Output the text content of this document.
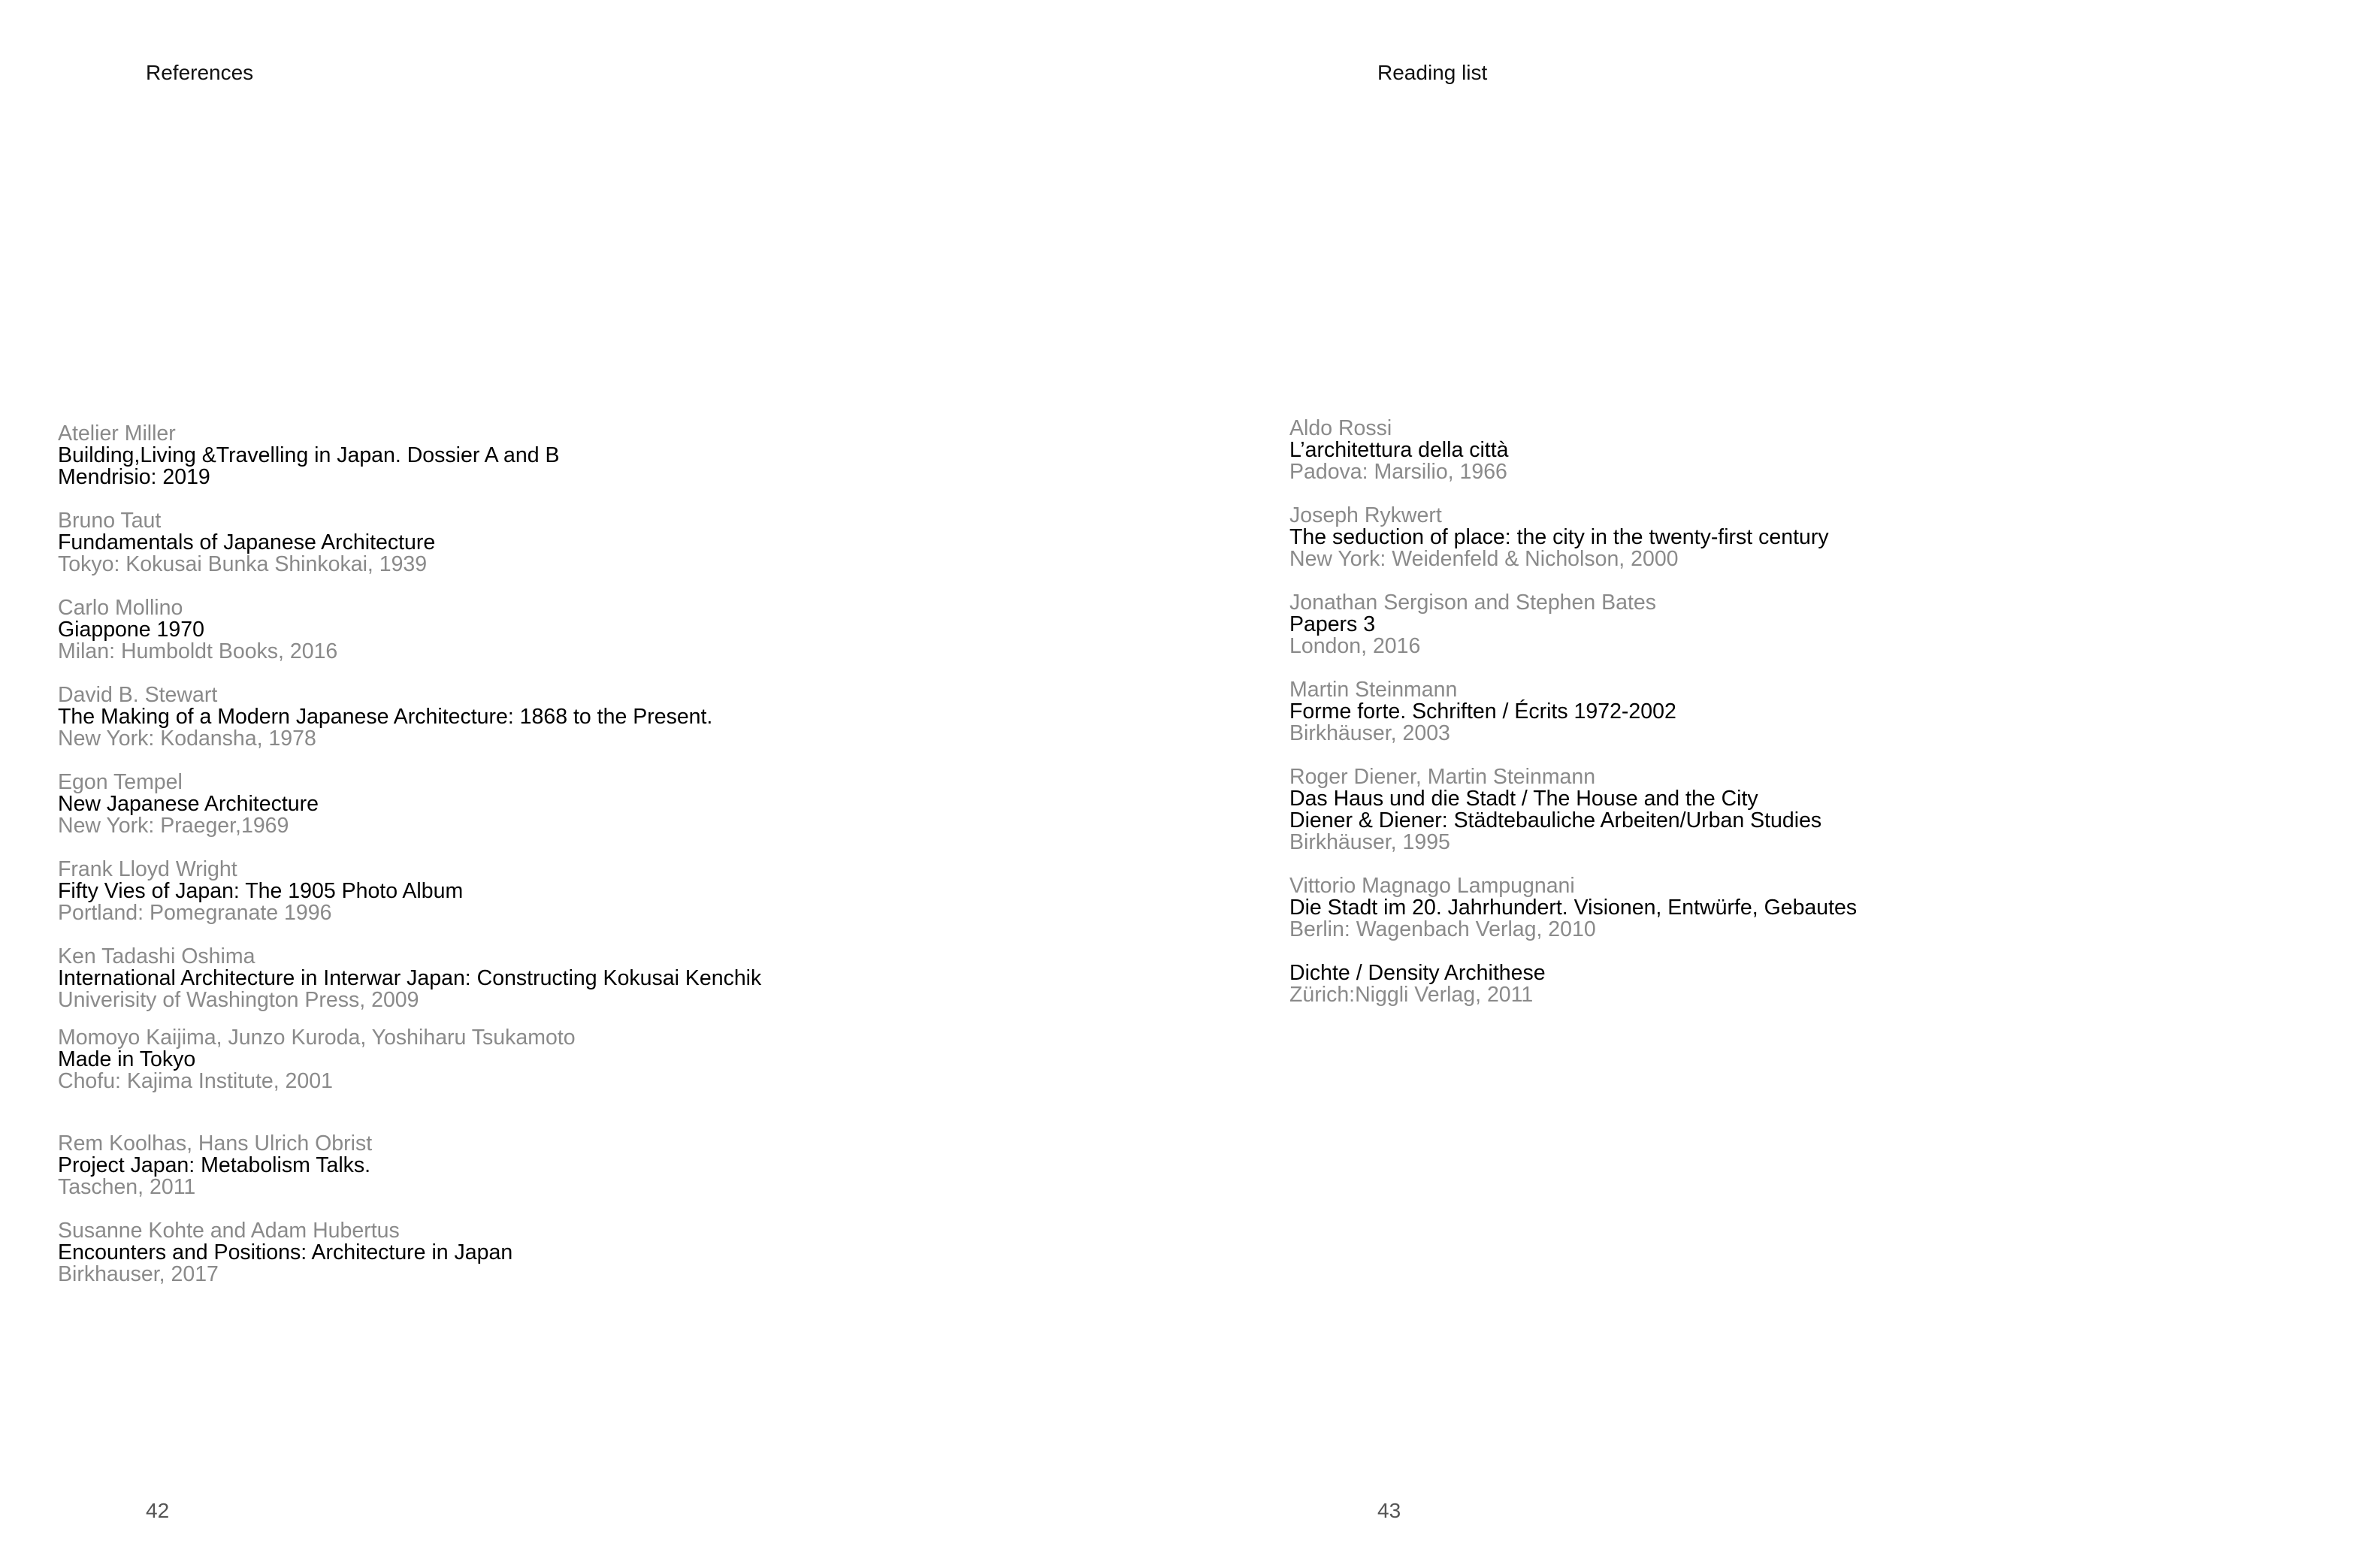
References
Atelier Miller
Building,Living &Travelling in Japan. Dossier A and B
Mendrisio: 2019
Bruno Taut
Fundamentals of Japanese Architecture
Tokyo: Kokusai Bunka Shinkokai, 1939
Carlo Mollino
Giappone 1970
Milan: Humboldt Books, 2016
David B. Stewart
The Making of a Modern Japanese Architecture: 1868 to the Present.
New York: Kodansha, 1978
Egon Tempel
New Japanese Architecture
New York: Praeger,1969
Frank Lloyd Wright
Fifty Vies of Japan: The 1905 Photo Album
Portland: Pomegranate 1996
Ken Tadashi Oshima
International Architecture in Interwar Japan: Constructing Kokusai Kenchik
Univerisity of Washington Press, 2009
Momoyo Kaijima, Junzo Kuroda, Yoshiharu Tsukamoto
Made in Tokyo
Chofu: Kajima Institute, 2001
Rem Koolhas, Hans Ulrich Obrist
Project Japan: Metabolism Talks.
Taschen, 2011
Susanne Kohte and Adam Hubertus
Encounters and Positions: Architecture in Japan
Birkhauser, 2017
42
Reading list
Aldo Rossi
L’architettura della città
Padova: Marsilio, 1966
Joseph Rykwert
The seduction of place: the city in the twenty-first century
New York: Weidenfeld & Nicholson, 2000
Jonathan Sergison and Stephen Bates
Papers 3
London, 2016
Martin Steinmann
Forme forte. Schriften / Écrits 1972-2002
Birkhäuser, 2003
Roger Diener, Martin Steinmann
Das Haus und die Stadt / The House and the City
Diener & Diener: Städtebauliche Arbeiten/Urban Studies
Birkhäuser, 1995
Vittorio Magnago Lampugnani
Die Stadt im 20. Jahrhundert. Visionen, Entwürfe, Gebautes
Berlin: Wagenbach Verlag, 2010
Dichte / Density Archithese
Zürich:Niggli Verlag, 2011
43
